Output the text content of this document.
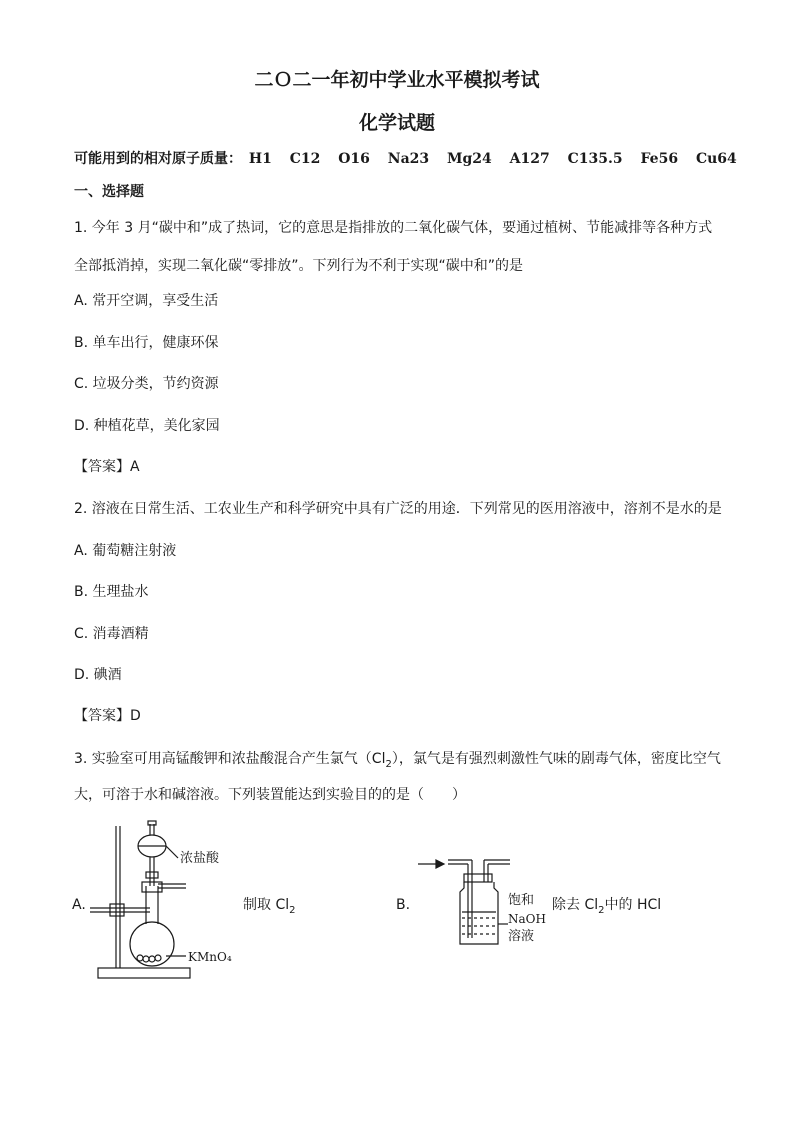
二Ｏ二一年初中学业水平模拟考试
化学试题
可能用到的相对原子质量： H1 C12 O16 Na23 Mg24 A127 C135.5 Fe56 Cu64
一、选择题
1. 今年 3 月“碳中和”成了热词，它的意思是指排放的二氧化碳气体，要通过植树、节能减排等各种方式
全部抵消掉，实现二氧化碳“零排放”。下列行为不利于实现“碳中和”的是
A. 常开空调，享受生活
B. 单车出行，健康环保
C. 垃圾分类，节约资源
D. 种植花草，美化家园
【答案】A
2. 溶液在日常生活、工农业生产和科学研究中具有广泛的用途．下列常见的医用溶液中，溶剂不是水的是
A. 葡萄糖注射液
B. 生理盐水
C. 消毒酒精
D. 碘酒
【答案】D
3. 实验室可用高锰酸钾和浓盐酸混合产生氯气$(Cl_2)$，氯气是有强烈刺激性气味的剧毒气体，密度比空气
大，可溶于水和碱溶液。下列装置能达到实验目的的是（　　）
A.
浓盐酸
KMnO₄
制取 $Cl_2$	B.	饱和
NaOH
溶液
除去 $Cl_2$中的 HCl
